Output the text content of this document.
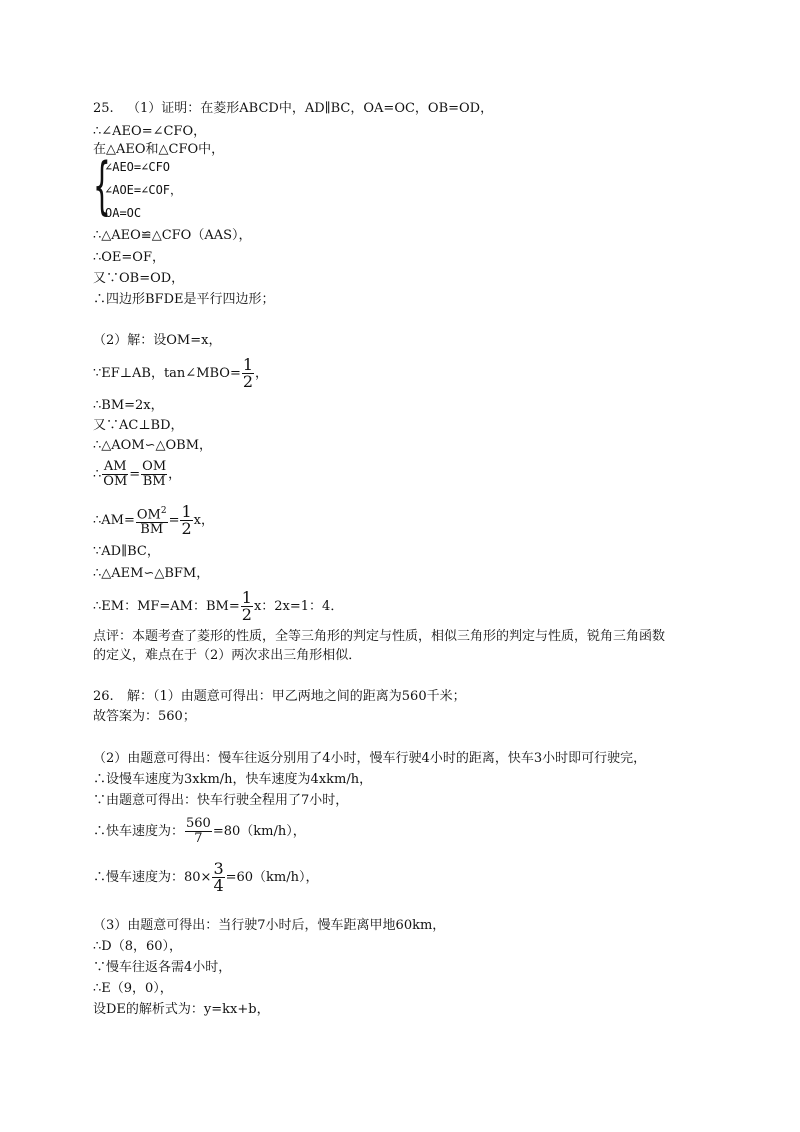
25. （1）证明：在菱形ABCD中，AD∥BC，OA=OC，OB=OD，
∴∠AEO=∠CFO，
在△AEO和△CFO中，
{
∠AEO=∠CFO
∠AOE=∠COF，
OA=OC
∴△AEO≌△CFO（AAS），
∴OE=OF，
又∵OB=OD，
∴四边形BFDE是平行四边形；
（2）解：设OM=x，
∵EF⊥AB，tan∠MBO= $\frac{1}{2}$ ，
∴BM=2x，
又∵AC⊥BD，
∴△AOM∽△OBM，
∴ $\frac{AM}{OM} = \frac{OM}{BM}$ ，
∴AM= $\frac{OM^2}{BM} = \frac{1}{2}$ x，
∵AD∥BC，
∴△AEM∽△BFM，
∴EM：MF=AM：$BM= \frac{1}{2}$ x：2x=1：4．
点评：本题考查了菱形的性质，全等三角形的判定与性质，相似三角形的判定与性质，锐角三角函数
的定义，难点在于（2）两次求出三角形相似．
26. 解：（1）由题意可得出：甲乙两地之间的距离为560千米；
故答案为：560；
（2）由题意可得出：慢车往返分别用了4小时，慢车行驶4小时的距离，快车3小时即可行驶完，
∴设慢车速度为3xkm/h，快车速度为4xkm/h，
∵由题意可得出：快车行驶全程用了7小时，
∴快车速度为： $\frac{560}{7} =80(km/h)$，
∴慢车速度为：$80\times \frac{3}{4} =60(km/h)$，
（3）由题意可得出：当行驶7小时后，慢车距离甲地60km，
∴D（8，60），
∵慢车往返各需4小时，
∴E（9，0），
设DE的解析式为：y=kx+b，
